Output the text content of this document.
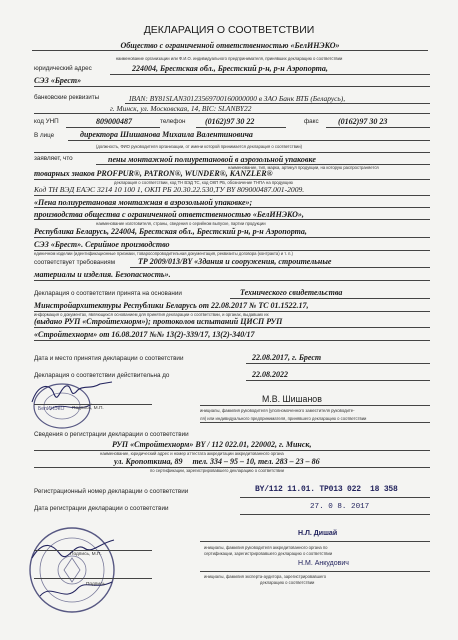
ДЕКЛАРАЦИЯ О СООТВЕТСТВИИ
Общество с ограниченной ответственностью «БелИНЭКО»
наименование организации или Ф.И.О. индивидуального предпринимателя, принявших декларацию о соответствии
юридический адрес	224004, Брестская обл., Брестский р-н, р-н Аэропорта,
СЭЗ «Брест»
банковские реквизиты	IBAN: BY81SLAN30123569700160000000 в ЗАО Банк ВТБ (Беларусь),
г. Минск, ул. Московская, 14, BIC: SLANBY22
код УНП	809000487	телефон (0162)97 30 22	факс (0162)97 30 23
В лице	директора Шишанова Михаила Валентиновича
(должность, ФИО руководителя организации, от имени которой принимается декларация о соответствии)
заявляет, что	пены монтажной полиуретановой в аэрозольной упаковке
наименование, тип, марка, артикул продукции, на которую распространяется
товарных знаков PROFPUR®, PATRON®, WUNDER®, KANZLER®
декларация о соответствии, код ТН ВЭД ТС, код ОКП РБ, обозначение ТНПА на продукцию
Код ТН ВЭД ЕАЭС 3214 10 100 1, ОКП РБ 20.30.22.530,ТУ BY 809000487.001-2009.
«Пена полиуретановая монтажная в аэрозольной упаковке»;
производства общества с ограниченной ответственностью «БелИНЭКО»,
наименование изготовителя, страны, сведения о серийном выпуске, партии продукции
Республика Беларусь, 224004, Брестская обл., Брестский р-н, р-н Аэропорта,
СЭЗ «Брест». Серийное производство
единичном изделии (идентификационные признаки, товаросопроводительная документация, реквизиты договора (контракта) и т. п.)
соответствует требованиям	ТР 2009/013/BY «Здания и сооружения, строительные
материалы и изделия. Безопасность».
Декларация о соответствии принята на основании	Технического свидетельства
Минстройархитектуры Республики Беларусь от 22.08.2017 № ТС 01.1522.17,
информация о документах, являющихся основанием для принятия декларации о соответствии, и органах, выдавших их
(выдано РУП «Стройтехнорм»); протоколов испытаний ЦИСП РУП
«Стройтехнорм» от 16.08.2017 №№ 13(2)-339/17, 13(2)-340/17
Дата и место принятия декларации о соответствии	22.08.2017, г. Брест
Декларация о соответствии действительна до	22.08.2022
БелИНЭКО Подпись, М.П.
М.В. Шишанов
инициалы, фамилия руководителя (уполномоченного заместителя руководите-
ля) или индивидуального предпринимателя, принявшего декларацию о соответствии
Сведения о регистрации декларации о соответствии
РУП «Стройтехнорм» BY / 112 022.01, 220002, г. Минск,
наименование, юридический адрес и номер аттестата аккредитации аккредитованного органа
ул. Кропоткина, 89     тел. 334 – 95 – 10, тел. 283 – 23 – 86
по сертификации, зарегистрировавшего декларацию о соответствии
Регистрационный номер декларации о соответствии	BY/112 11.01. ТР013 022  18 358
Дата регистрации декларации о соответствии	27. 0 8. 2017
Подпись, М.П.
Подпись
Н.Л. Дишай
инициалы, фамилия руководителя аккредитованного органа по
сертификации, зарегистрировавшего декларацию о соответствии
Н.М. Анкудович
инициалы, фамилия эксперта-аудитора, зарегистрировавшего
декларацию о соответствии
